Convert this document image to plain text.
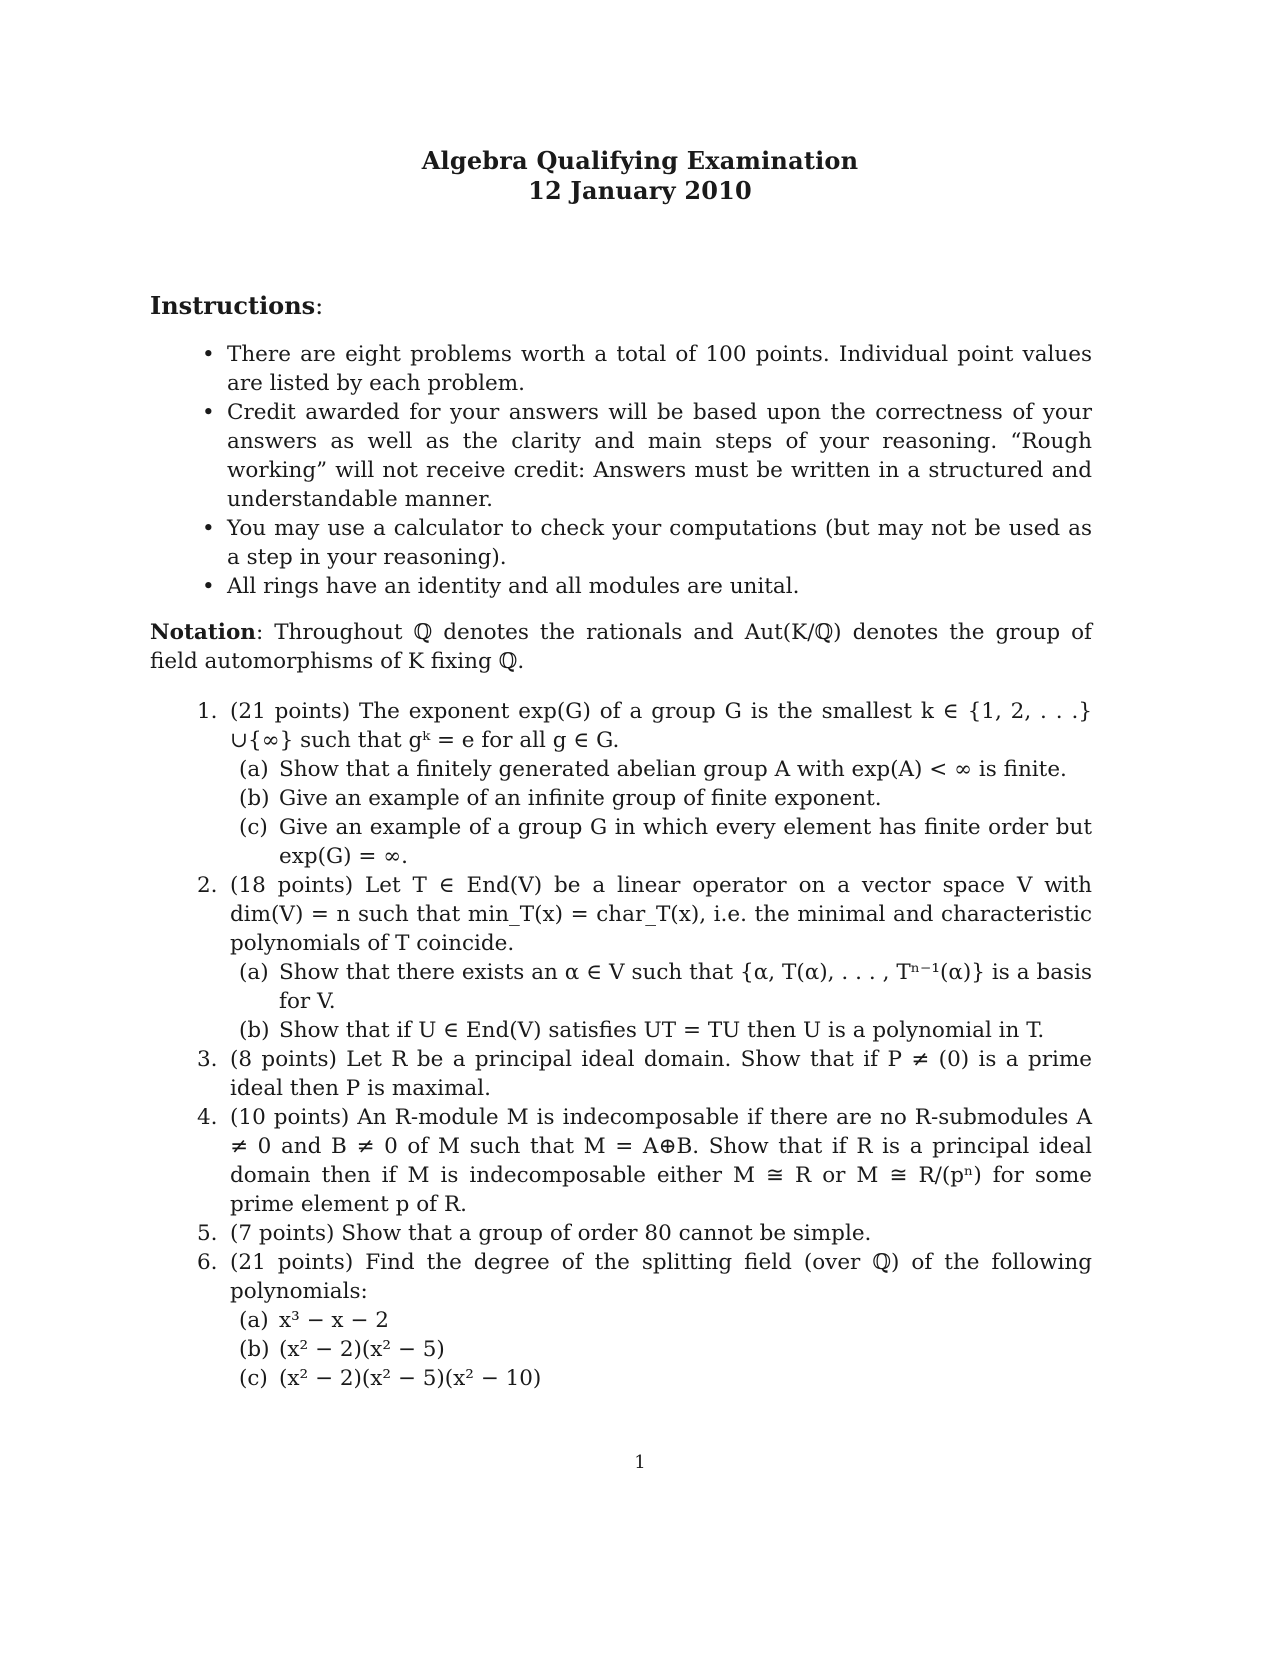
Algebra Qualifying Examination
12 January 2010
Instructions:
• There are eight problems worth a total of 100 points. Individual point values are listed by each problem.
• Credit awarded for your answers will be based upon the correctness of your answers as well as the clarity and main steps of your reasoning. “Rough working” will not receive credit: Answers must be written in a structured and understandable manner.
• You may use a calculator to check your computations (but may not be used as a step in your reasoning).
• All rings have an identity and all modules are unital.
Notation: Throughout ℚ denotes the rationals and Aut(K/ℚ) denotes the group of field automorphisms of K fixing ℚ.
1. (21 points) The exponent exp(G) of a group G is the smallest k ∈ {1, 2, . . .}∪{∞} such that gᵏ = e for all g ∈ G.
(a) Show that a finitely generated abelian group A with exp(A) < ∞ is finite.
(b) Give an example of an infinite group of finite exponent.
(c) Give an example of a group G in which every element has finite order but exp(G) = ∞.
2. (18 points) Let T ∈ End(V) be a linear operator on a vector space V with dim(V) = n such that min_T(x) = char_T(x), i.e. the minimal and characteristic polynomials of T coincide.
(a) Show that there exists an α ∈ V such that {α, T(α), . . . , Tⁿ⁻¹(α)} is a basis for V.
(b) Show that if U ∈ End(V) satisfies UT = TU then U is a polynomial in T.
3. (8 points) Let R be a principal ideal domain. Show that if P ≠ (0) is a prime ideal then P is maximal.
4. (10 points) An R-module M is indecomposable if there are no R-submodules A ≠ 0 and B ≠ 0 of M such that M = A⊕B. Show that if R is a principal ideal domain then if M is indecomposable either M ≅ R or M ≅ R/(pⁿ) for some prime element p of R.
5. (7 points) Show that a group of order 80 cannot be simple.
6. (21 points) Find the degree of the splitting field (over ℚ) of the following polynomials:
(a) x³ − x − 2
(b) (x² − 2)(x² − 5)
(c) (x² − 2)(x² − 5)(x² − 10)
1
